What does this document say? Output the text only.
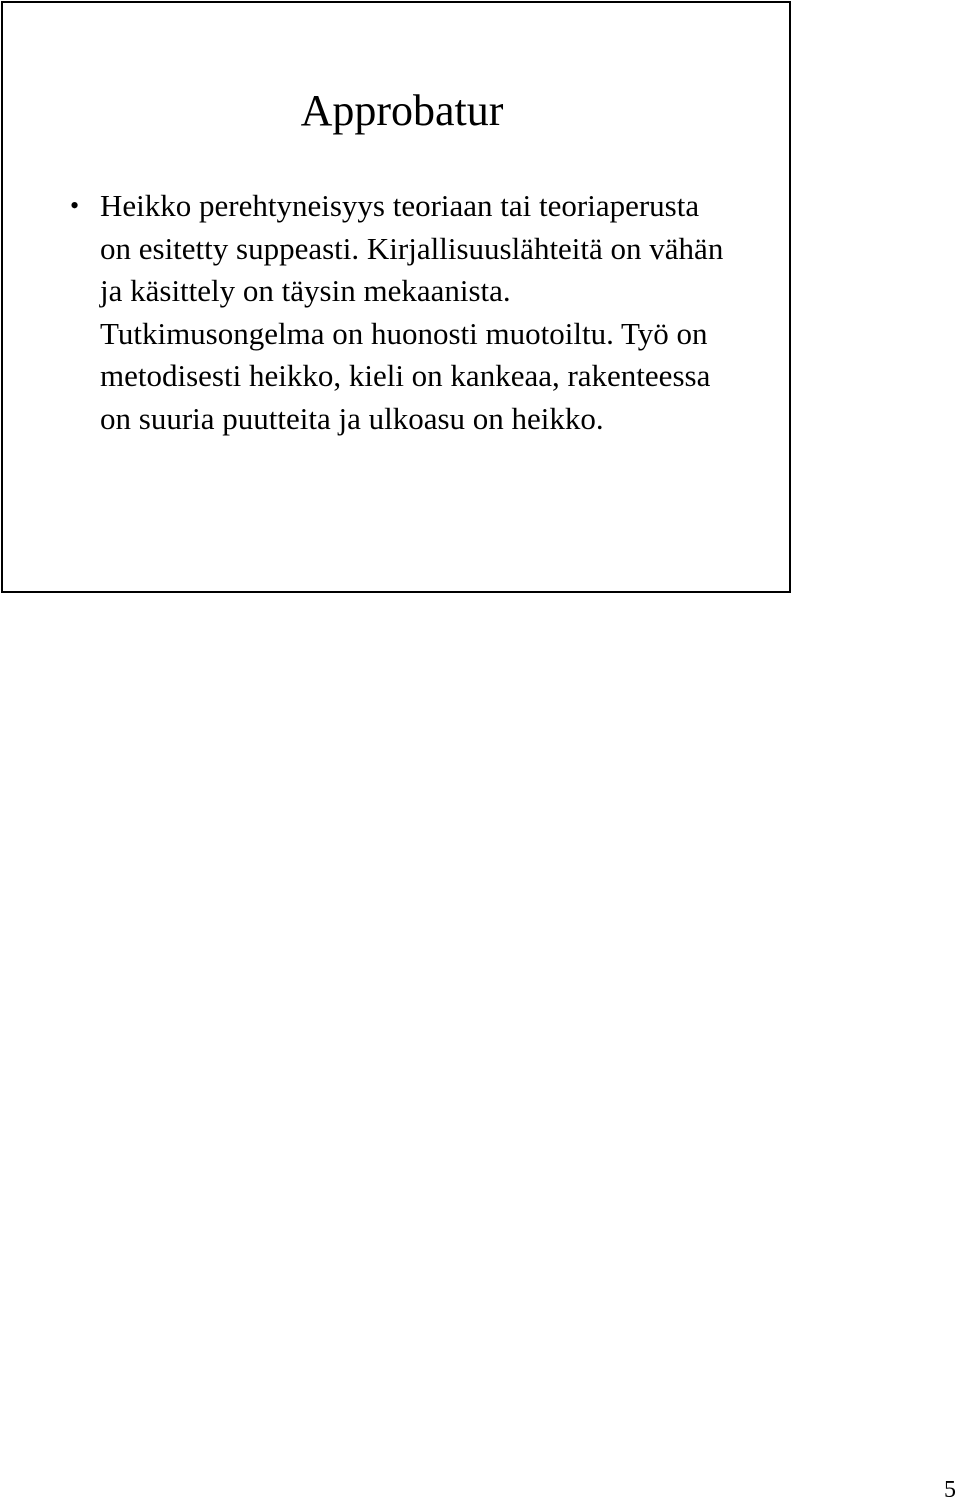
Approbatur
• Heikko perehtyneisyys teoriaan tai teoriaperusta on esitetty suppeasti. Kirjallisuuslähteitä on vähän ja käsittely on täysin mekaanista. Tutkimusongelma on huonosti muotoiltu. Työ on metodisesti heikko, kieli on kankeaa, rakenteessa on suuria puutteita ja ulkoasu on heikko.
5
